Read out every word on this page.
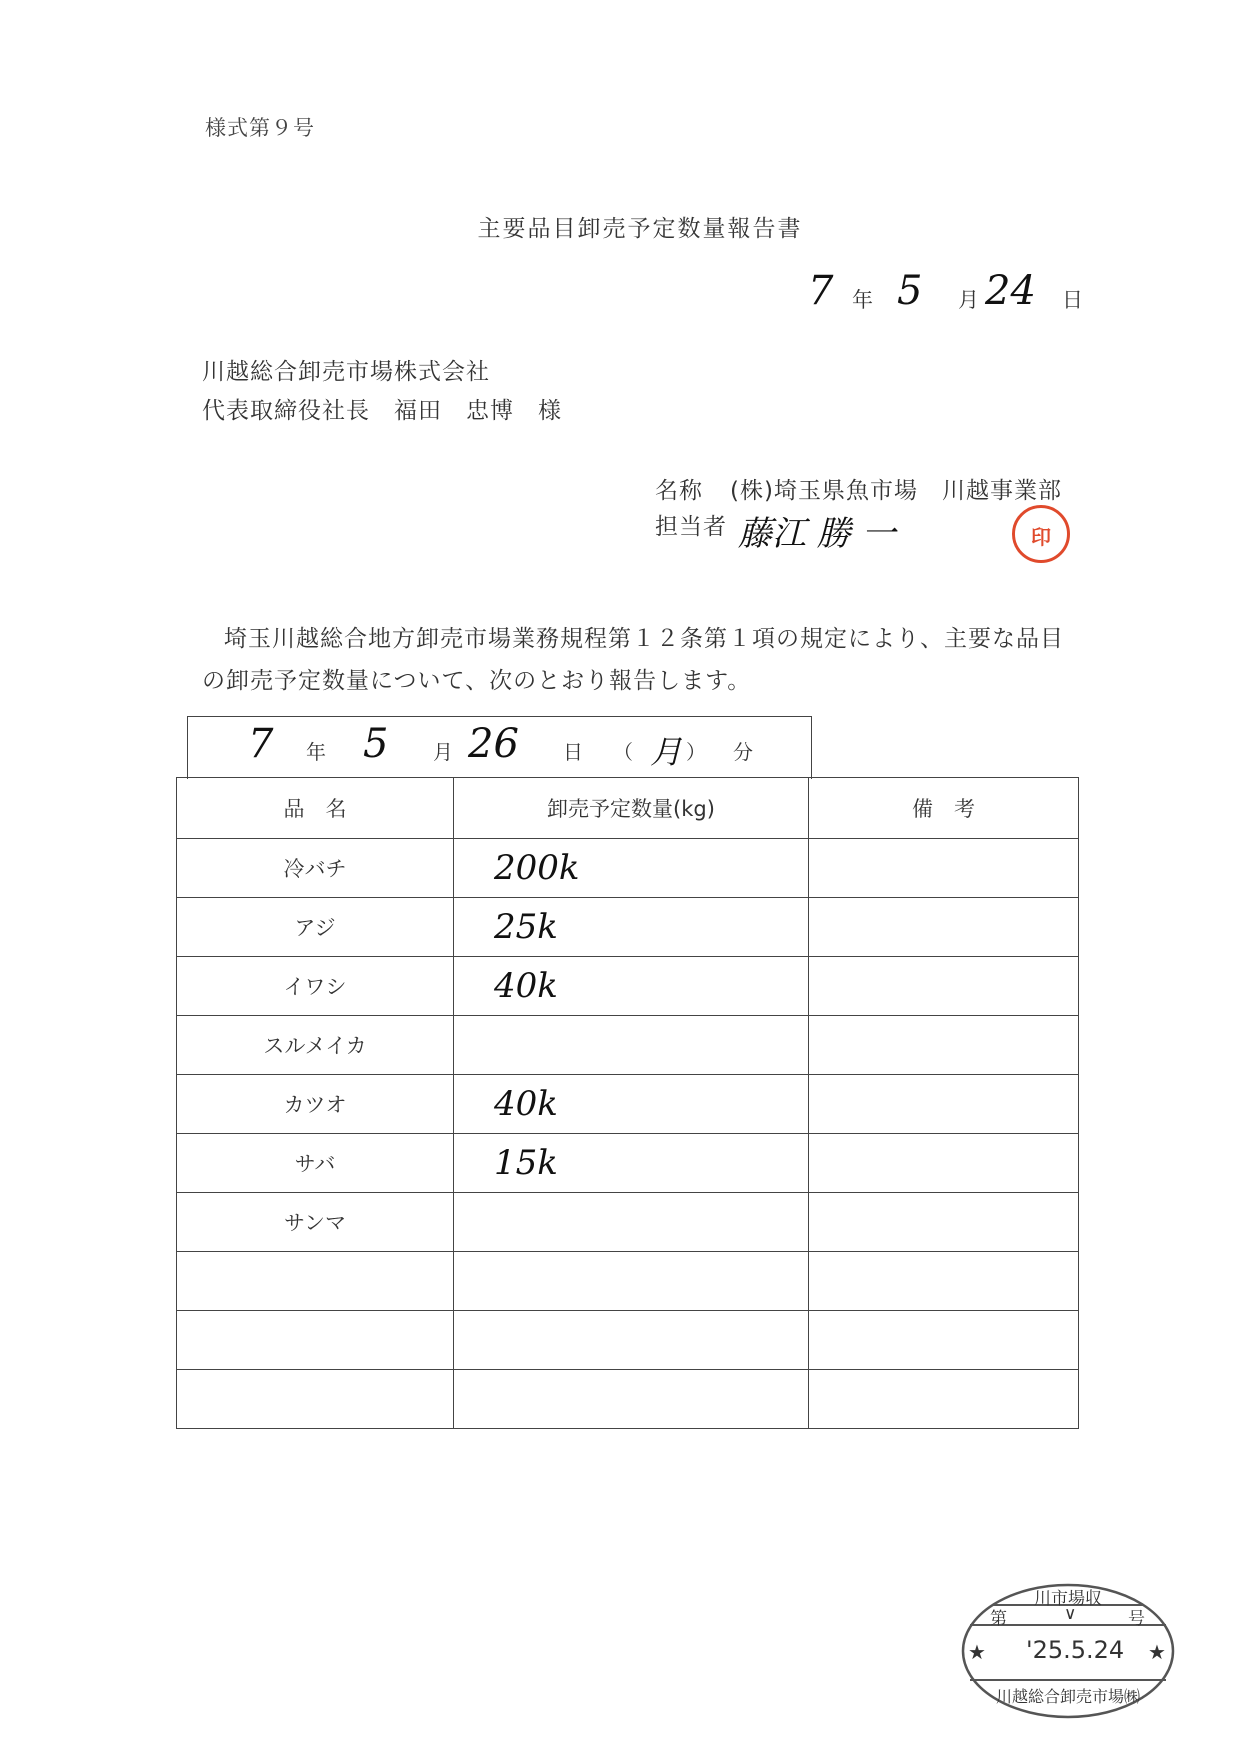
様式第９号
主要品目卸売予定数量報告書
7 年 5 月 24 日
川越総合卸売市場株式会社
代表取締役社長　福田　忠博　様
名称 (株)埼玉県魚市場　川越事業部
担当者 藤江 勝 一	印
埼玉川越総合地方卸売市場業務規程第１２条第１項の規定により、主要な品目の卸売予定数量について、次のとおり報告します。
7 年 5 月 26 日 （ 月 ） 分
品　名	卸売予定数量(kg)	備　考
冷バチ	200k	
アジ	25k	
イワシ	40k	
スルメイカ		
カツオ	40k	
サバ	15k	
サンマ		

川市場収
第	∨	号
★ '25.5.24 ★
川越総合卸売市場㈱
